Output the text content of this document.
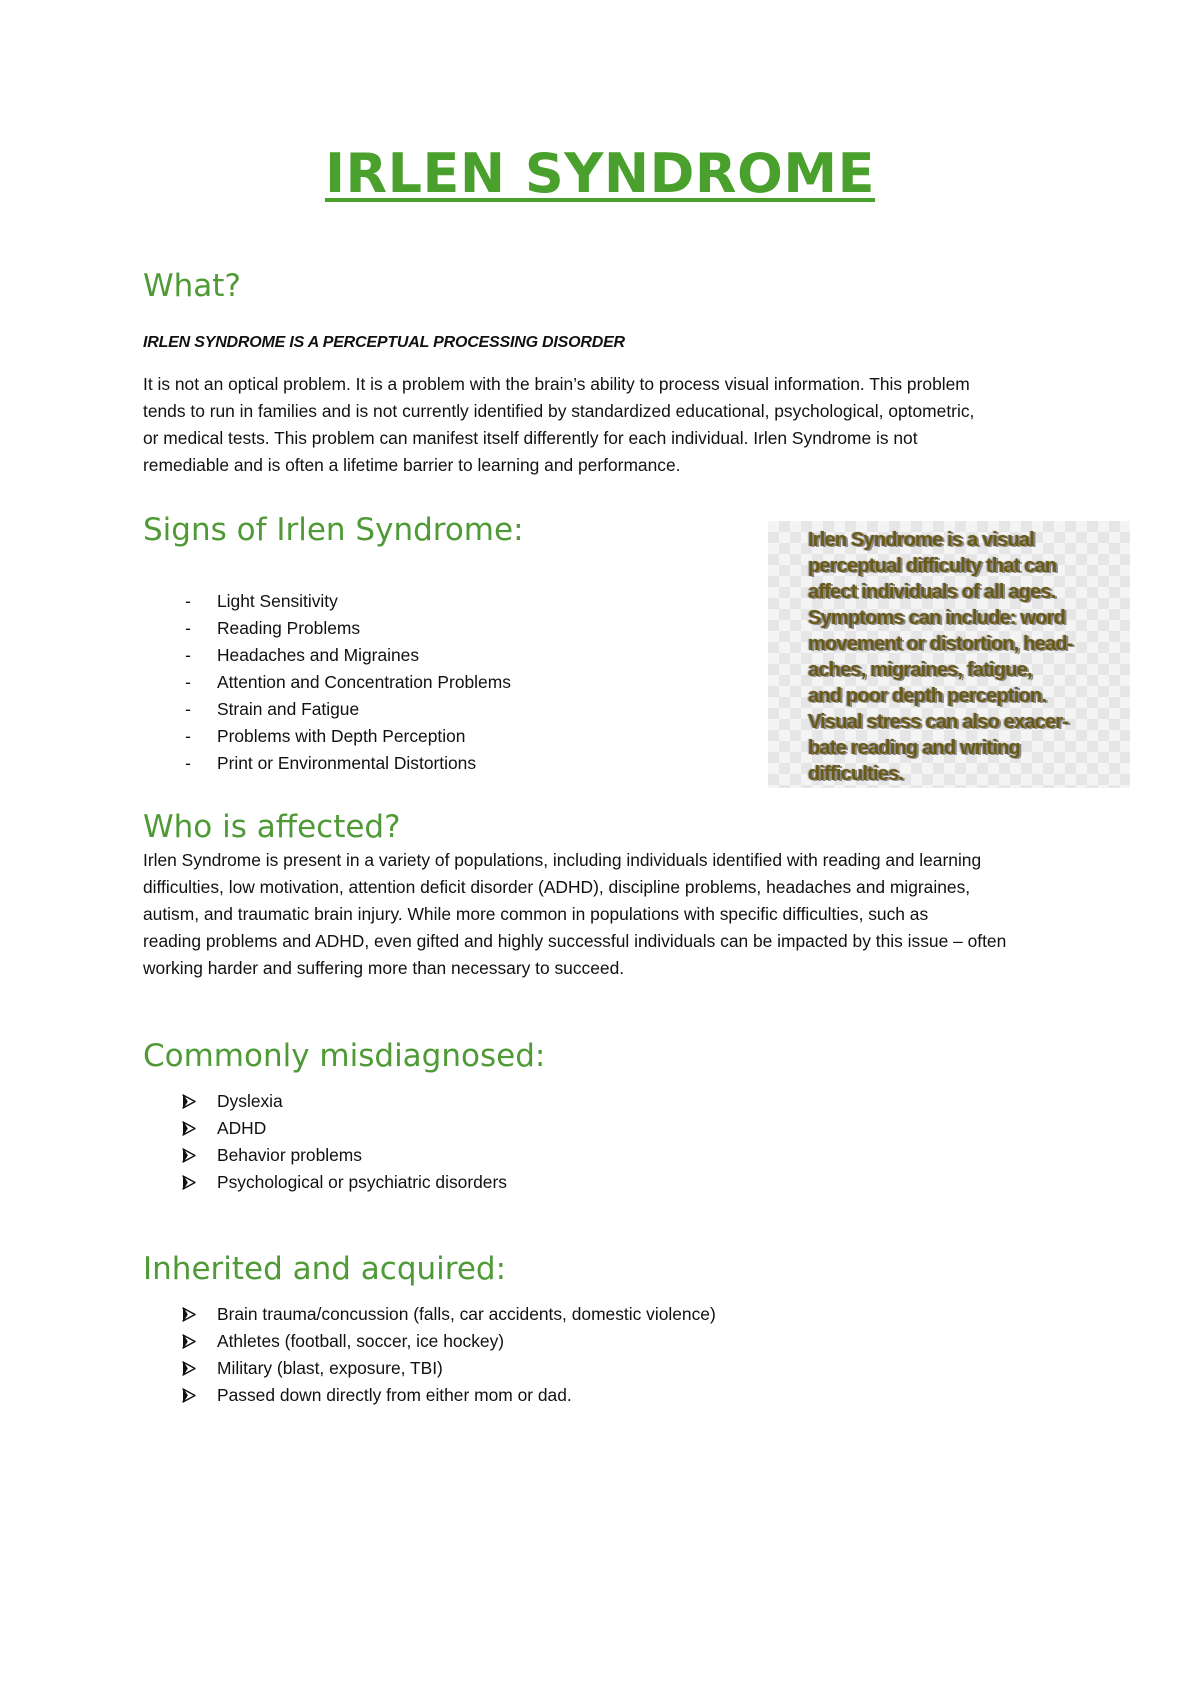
IRLEN SYNDROME
What?
IRLEN SYNDROME IS A PERCEPTUAL PROCESSING DISORDER

It is not an optical problem. It is a problem with the brain’s ability to process visual information. This problem
tends to run in families and is not currently identified by standardized educational, psychological, optometric,
or medical tests. This problem can manifest itself differently for each individual. Irlen Syndrome is not
remediable and is often a lifetime barrier to learning and performance.

Signs of Irlen Syndrome:
- Light Sensitivity
- Reading Problems
- Headaches and Migraines
- Attention and Concentration Problems
- Strain and Fatigue
- Problems with Depth Perception
- Print or Environmental Distortions

Irlen Syndrome is a visual
perceptual difficulty that can
affect individuals of all ages.
Symptoms can include: word
movement or distortion, head-
aches, migraines, fatigue,
and poor depth perception.
Visual stress can also exacer-
bate reading and writing
difficulties.

Who is affected?

Irlen Syndrome is present in a variety of populations, including individuals identified with reading and learning
difficulties, low motivation, attention deficit disorder (ADHD), discipline problems, headaches and migraines,
autism, and traumatic brain injury. While more common in populations with specific difficulties, such as
reading problems and ADHD, even gifted and highly successful individuals can be impacted by this issue – often
working harder and suffering more than necessary to succeed.

Commonly misdiagnosed:
Dyslexia
ADHD
Behavior problems
Psychological or psychiatric disorders
Inherited and acquired:
Brain trauma/concussion (falls, car accidents, domestic violence)
Athletes (football, soccer, ice hockey)
Military (blast, exposure, TBI)
Passed down directly from either mom or dad.
